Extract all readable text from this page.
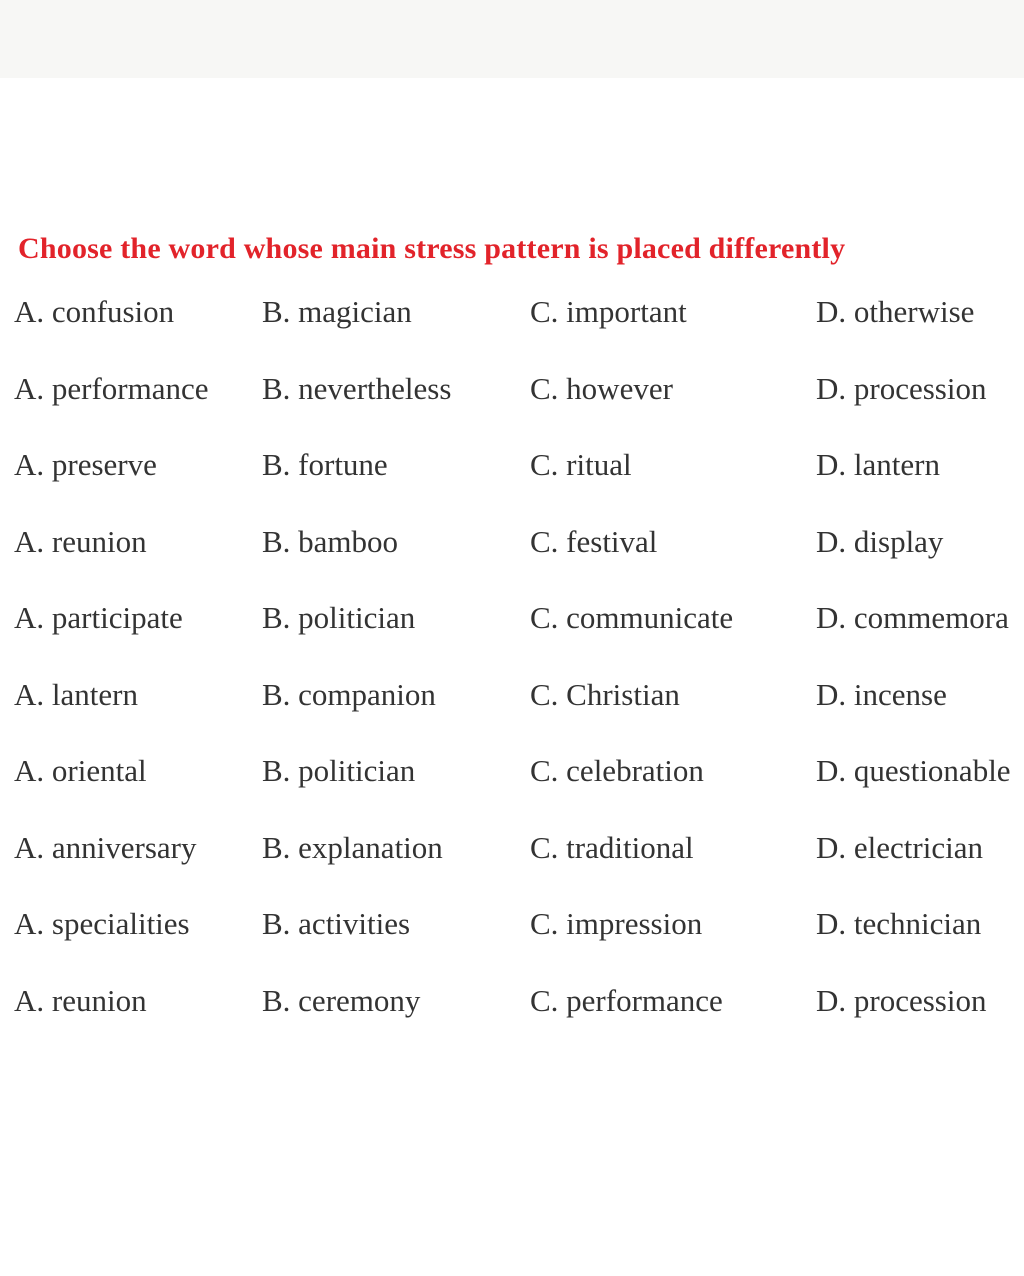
Choose the word whose main stress pattern is placed differently
A. confusion	B. magician	C. important	D. otherwise
A. performance B. nevertheless	C. however	D. procession
A. preserve	B. fortune	C. ritual	D. lantern
A. reunion	B. bamboo	C. festival	D. display
A. participate	B. politician	C. communicate	D. commemora
A. lantern	B. companion	C. Christian	D. incense
A. oriental	B. politician	C. celebration	D. questionable
A. anniversary B. explanation	C. traditional	D. electrician
A. specialities B. activities	C. impression	D. technician
A. reunion	B. ceremony	C. performance	D. procession
